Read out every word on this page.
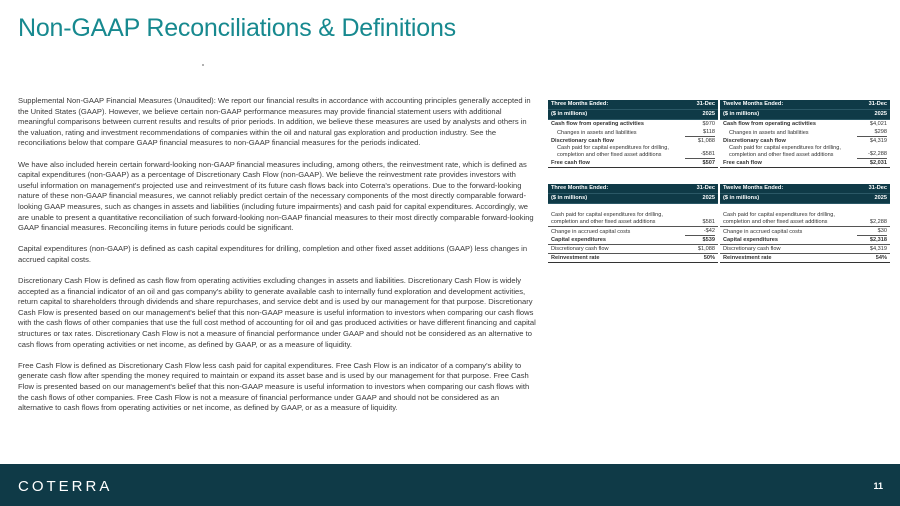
Non-GAAP Reconciliations & Definitions

Supplemental Non-GAAP Financial Measures (Unaudited): We report our financial results in accordance with accounting principles generally accepted in the United States (GAAP). However, we believe certain non-GAAP performance measures may provide financial statement users with additional meaningful comparisons between current results and results of prior periods. In addition, we believe these measures are used by analysts and others in the valuation, rating and investment recommendations of companies within the oil and natural gas exploration and production industry. See the reconciliations below that compare GAAP financial measures to non-GAAP financial measures for the periods indicated.

We have also included herein certain forward-looking non-GAAP financial measures including, among others, the reinvestment rate, which is defined as capital expenditures (non-GAAP) as a percentage of Discretionary Cash Flow (non-GAAP). We believe the reinvestment rate provides investors with useful information on management's projected use and reinvestment of its future cash flows back into Coterra's operations. Due to the forward-looking nature of these non-GAAP financial measures, we cannot reliably predict certain of the necessary components of the most directly comparable forward-looking GAAP measures, such as changes in assets and liabilities (including future impairments) and cash paid for capital expenditures. Accordingly, we are unable to present a quantitative reconciliation of such forward-looking non-GAAP financial measures to their most directly comparable forward-looking GAAP financial measures. Reconciling items in future periods could be significant.

Capital expenditures (non-GAAP) is defined as cash capital expenditures for drilling, completion and other fixed asset additions (GAAP) less changes in accrued capital costs.

Discretionary Cash Flow is defined as cash flow from operating activities excluding changes in assets and liabilities. Discretionary Cash Flow is widely accepted as a financial indicator of an oil and gas company's ability to generate available cash to internally fund exploration and development activities, return capital to shareholders through dividends and share repurchases, and service debt and is used by our management for that purpose. Discretionary Cash Flow is presented based on our management's belief that this non-GAAP measure is useful information to investors when comparing our cash flows with the cash flows of other companies that use the full cost method of accounting for oil and gas produced activities or have different financing and capital structures or tax rates. Discretionary Cash Flow is not a measure of financial performance under GAAP and should not be considered as an alternative to cash flows from operating activities or net income, as defined by GAAP, or as a measure of liquidity.

Free Cash Flow is defined as Discretionary Cash Flow less cash paid for capital expenditures. Free Cash Flow is an indicator of a company's ability to generate cash flow after spending the money required to maintain or expand its asset base and is used by our management for that purpose. Free Cash Flow is presented based on our management's belief that this non-GAAP measure is useful information to investors when comparing our cash flows with the cash flows of other companies. Free Cash Flow is not a measure of financial performance under GAAP and should not be considered as an alternative to cash flows from operating activities or net income, as defined by GAAP, or as a measure of liquidity.

Three Months Ended:	31-Dec
($ in millions)	2025
Cash flow from operating activities	$970
Changes in assets and liabilities	$118
Discretionary cash flow	$1,088
Cash paid for capital expenditures for drilling, completion and other fixed asset additions	-$581
Free cash flow	$507
Twelve Months Ended:	31-Dec
($ in millions)	2025
Cash flow from operating activities	$4,021
Changes in assets and liabilities	$298
Discretionary cash flow	$4,319
Cash paid for capital expenditures for drilling, completion and other fixed asset additions	-$2,288
Free cash flow	$2,031
Three Months Ended:	31-Dec
($ in millions)	2025
Cash paid for capital expenditures for drilling, completion and other fixed asset additions	$581
Change in accrued capital costs	-$42
Capital expenditures	$539
Discretionary cash flow	$1,088
Reinvestment rate	50%
Twelve Months Ended:	31-Dec
($ in millions)	2025
Cash paid for capital expenditures for drilling, completion and other fixed asset additions	$2,288
Change in accrued capital costs	$30
Capital expenditures	$2,318
Discretionary cash flow	$4,319
Reinvestment rate	54%
COTERRA	11
